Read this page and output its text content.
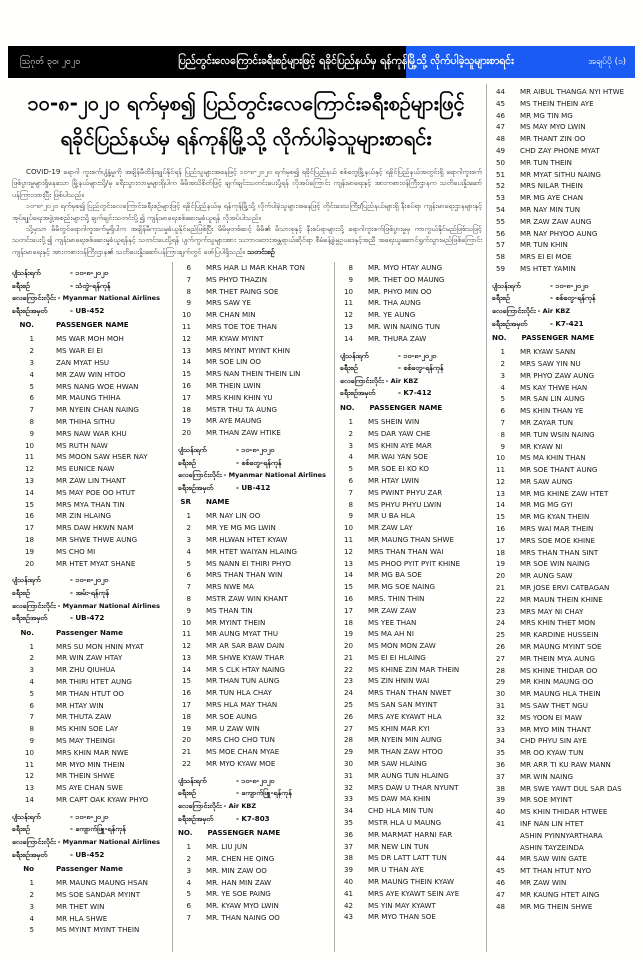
ဩဂုတ် ၃၀၊ ၂၀၂၀	ပြည်တွင်းလေကြောင်းခရီးစဉ်များဖြင့် ရခိုင်ပြည်နယ်မှ ရန်ကုန်မြို့သို့ လိုက်ပါခဲ့သူများစာရင်း	အချပ်ပို (၁)
၁၀-၈-၂၀၂၀ ရက်မှစ၍ ပြည်တွင်းလေကြောင်းခရီးစဉ်များဖြင့်
ရခိုင်ပြည်နယ်မှ ရန်ကုန်မြို့သို့ လိုက်ပါခဲ့သူများစာရင်း

COVID-19 ရောဂါ ကူးစက်ပျံ့နှံ့မှုကို အချိန်မီထိန်းချုပ်နိုင်ရန် ပြည်သူများအနေဖြင့် ၁၀-၈-၂၀၂၀ ရက်မှစ၍ ရခိုင်ပြည်နယ် စစ်တွေမြို့နယ်နှင့် ရခိုင်ပြည်နယ်အတွင်းရှိ ရောဂါကူးစက်ဖြစ်ပွားမှုများရှိနေသော မြို့နယ်များသို့/မှ ခရီးသွားလာမှုများရှိပါက မိမိအသိစိတ်ဖြင့် ချက်ချင်းသတင်းပေးပို့ရန် လိုအပ်ကြောင်း ကျန်းမာရေးနှင့် အားကစားဝန်ကြီးဌာနက သတိပေးနှိုးဆော်ပန်ကြားထားပြီး ဖြစ်ပါသည်။

၁၀-၈-၂၀၂၀ ရက်မှစ၍ ပြည်တွင်းလေကြောင်းခရီးစဉ်များဖြင့် ရခိုင်ပြည်နယ်မှ ရန်ကုန်မြို့သို့ လိုက်ပါခဲ့သူများအနေဖြင့် တိုင်းဒေသကြီး/ပြည်နယ်များရှိ နီးစပ်ရာ ကျန်းမာရေးဌာနများနှင့် အုပ်ချုပ်ရေးအဖွဲ့အစည်းများသို့ ချက်ချင်းသတင်းပို့၍ ကျန်းမာရေးစစ်ဆေးမှုခံယူရန် လိုအပ်ပါသည်။

သို့မှသာ မိမိတွင်ရောဂါကူးစက်မှုရှိပါက အချိန်မီကုသမှုခံယူနိုင်မည်ဖြစ်ပြီး မိမိမှတစ်ဆင့် မိမိ၏ မိသားစုနှင့် နီးစပ်ရာများသို့ ရောဂါကူးစက်ဖြစ်ပွားမှုမှ ကာကွယ်နိုင်မည်ဖြစ်သဖြင့် သတင်းပေးပို့၍ ကျန်းမာရေးစစ်ဆေးမှုခံယူရန်နှင့် သတင်းပေးပို့ရန် ပျက်ကွက်သူများအား သဘာဝဘေးအန္တရာယ်ဆိုင်ရာ စီမံခန့်ခွဲမှုဥပဒေနှင့်အညီ အရေးယူဆောင်ရွက်သွားမည်ဖြစ်ကြောင်း ကျန်းမာရေးနှင့် အားကစားဝန်ကြီးဌာန၏ သတိပေးနှိုးဆော်ပန်ကြားချက်တွင် ဖော်ပြပါရှိသည်။ သတင်းစဉ်

ပျံသန်းရက်	- ၁၀-၈-၂၀၂၀
ခရီးစဉ်	- သံတွဲ-ရန်ကုန်
လေကြောင်းလိုင်း - Myanmar National Airlines
ခရီးစဉ်အမှတ်	- UB-452
NO.	PASSENGER NAME
1	MS WAR MOH MOH
2	MS WAR EI EI
3	ZAN MYAT HSU
4	MR ZAW WIN HTOO
5	MRS NANG WOE HWAN
6	MR MAUNG THIHA
7	MR NYEIN CHAN NAING
8	MR THIHA SITHU
9	MRS NAW WAR KHU
10	MS RUTH NAW
11	MS MOON SAW HSER NAY
12	MS EUNICE NAW
13	MR ZAW LIN THANT
14	MS MAY POE OO HTUT
15	MRS MYA THAN TIN
16	MR ZIN HLAING
17	MRS DAW HKWN NAM
18	MR SHWE THWE AUNG
19	MS CHO MI
20	MR HTET MYAT SHANE
ပျံသန်းရက်	- ၁၀-၈-၂၀၂၀
ခရီးစဉ်	- အမ်း-ရန်ကုန်
လေကြောင်းလိုင်း - Myanmar National Airlines
ခရီးစဉ်အမှတ်	- UB-472
No.	Passenger Name
1	MRS SU MON HNIN MYAT
2	MR WIN ZAW HTAY
3	MR ZHU QIUHUA
4	MR THIRI HTET AUNG
5	MR THAN HTUT OO
6	MR HTAY WIN
7	MR THUTA ZAW
8	MS KHIN SOE LAY
9	MS MAY THEINGI
10	MRS KHIN MAR NWE
11	MR MYO MIN THEIN
12	MR THEIN SHWE
13	MS AYE CHAN SWE
14	MR CAPT OAK KYAW PHYO
ပျံသန်းရက်	- ၁၀-၈-၂၀၂၀
ခရီးစဉ်	- ကျောက်ဖြူ-ရန်ကုန်
လေကြောင်းလိုင်း - Myanmar National Airlines
ခရီးစဉ်အမှတ်	- UB-452
No	Passenger Name
1	MR MAUNG MAUNG HSAN
2	MS SOE SANDAR MYINT
3	MR THET WIN
4	MR HLA SHWE
5	MS MYINT MYINT THEIN
6 MRS HAR LI MAR KHAR TON
7 MS PHYO THAZIN
8 MR THET PAING SOE
9 MRS SAW YE
10 MR CHAN MIN
11 MRS TOE TOE THAN
12 MR KYAW MYINT
13 MRS MYINT MYINT KHIN
14 MR SOE LIN OO
15 MRS NAN THEIN THEIN LIN
16 MR THEIN LWIN
17 MRS KHIN KHIN YU
18 MSTR THU TA AUNG
19 MR AYE MAUNG
20 MR THAN ZAW HTIKE
ပျံသန်းရက်	- ၁၀-၈-၂၀၂၀
ခရီးစဉ်	- စစ်တွေ-ရန်ကုန်
လေကြောင်းလိုင်း - Myanmar National Airlines
ခရီးစဉ်အမှတ်	- UB-412
SR NAME
1 MR NAY LIN OO
2 MR YE MG MG LWIN
3 MR HLWAN HTET KYAW
4 MR HTET WAIYAN HLAING
5 MS NANN EI THIRI PHYO
6 MRS THAN THAN WIN
7 MRS NWE MA
8 MSTR ZAW WIN KHANT
9 MS THAN TIN
10 MR MYINT THEIN
11 MR AUNG MYAT THU
12 MR AR SAR BAW DAIN
13 MR SHWE KYAW THAR
14 MR S CLK HTAY NAING
15 MR THAN TUN AUNG
16 MR TUN HLA CHAY
17 MRS HLA MAY THAN
18 MR SOE AUNG
19 MR U ZAW WIN
20 MRS CHO CHO TUN
21 MS MOE CHAN MYAE
22 MR MYO KYAW MOE
ပျံသန်းရက်	- ၁၀-၈-၂၀၂၀
ခရီးစဉ်	- ကျောက်ဖြူ-ရန်ကုန်
လေကြောင်းလိုင်း - Air KBZ
ခရီးစဉ်အမှတ်	- K7-803
NO. PASSENGER NAME
1 MR. LIU JUN
2 MR. CHEN HE QING
3 MR. MIN ZAW OO
4 MR. HAN MIN ZAW
5 MR. YE SOE PAING
6 MR. KYAW MYO LWIN
7 MR. THAN NAING OO
8 MR. MYO HTAY AUNG
9 MR. THET OO MAUNG
10 MR. PHYO MIN OO
11 MR. THA AUNG
12 MR. YE AUNG
13 MR. WIN NAING TUN
14 MR. THURA ZAW
ပျံသန်းရက်	- ၁၀-၈-၂၀၂၀
ခရီးစဉ်	- စစ်တွေ-ရန်ကုန်
လေကြောင်းလိုင်း - Air KBZ
ခရီးစဉ်အမှတ်	- K7-412
NO. PASSENGER NAME
1 MS SHEIN WIN
2 MS DAR YAW CHE
3 MS KHIN AYE MAR
4 MR WAI YAN SOE
5 MR SOE EI KO KO
6 MR HTAY LWIN
7 MS PWINT PHYU ZAR
8 MS PHYU PHYU LWIN
9 MR U BA HLA
10 MR ZAW LAY
11 MR MAUNG THAN SHWE
12 MRS THAN THAN WAI
13 MS PHOO PYIT PYIT KHINE
14 MR MG BA SOE
15 MR MG SOE NAING
16 MRS. THIN THIN
17 MR ZAW ZAW
18 MS YEE THAN
19 MS MA AH NI
20 MS MON MON ZAW
21 MS EI EI HLAING
22 MS KHINE ZIN MAR THEIN
23 MS ZIN HNIN WAI
24 MRS THAN THAN NWET
25 MS SAN SAN MYINT
26 MRS AYE KYAWT HLA
27 MS KHIN MAR KYI
28 MR NYEIN MIN AUNG
29 MR THAN ZAW HTOO
30 MR SAW HLAING
31 MR AUNG TUN HLAING
32 MRS DAW U THAR NYUNT
33 MS DAW MA KHIN
34 CHD HLA MIN TUN
35 MSTR HLA U MAUNG
36 MR MARMAT HARNI FAR
37 MR NEW LIN TUN
38 MS DR LATT LATT TUN
39 MR U THAN AYE
40 MR MAUNG THEIN KYAW
41 MRS AYE KYAWT SEIN AYE
42 MS YIN MAY KYAWT
43 MR MYO THAN SOE
44 MR AIBUL THANGA NYI HTWE
45 MS THEIN THEIN AYE
46 MR MG TIN MG
47 MS MAY MYO LWIN
48 MR THANT ZIN OO
49 CHD ZAY PHONE MYAT
50 MR TUN THEIN
51 MR MYAT SITHU NAING
52 MRS NILAR THEIN
53 MR MG AYE CHAN
54 MR NAY MIN TUN
55 MR ZAW ZAW AUNG
56 MR NAY PHYOO AUNG
57 MR TUN KHIN
58 MRS EI EI MOE
59 MS HTET YAMIN
ပျံသန်းရက်	- ၁၀-၈-၂၀၂၀
ခရီးစဉ်	- စစ်တွေ-ရန်ကုန်
လေကြောင်းလိုင်း - Air KBZ
ခရီးစဉ်အမှတ်	- K7-421
NO. PASSENGER NAME
1 MR KYAW SANN
2 MRS SAW YIN NU
3 MR PHYO ZAW AUNG
4 MS KAY THWE HAN
5 MR SAN LIN AUNG
6 MS KHIN THAN YE
7 MR ZAYAR TUN
8 MR TUN WSIN NAING
9 MR KYAW NI
10 MS MA KHIN THAN
11 MR SOE THANT AUNG
12 MR SAW AUNG
13 MR MG KHINE ZAW HTET
14 MR MG MG GYI
15 MR MG KYAN THEIN
16 MRS WAI MAR THEIN
17 MRS SOE MOE KHINE
18 MRS THAN THAN SINT
19 MR SOE WIN NAING
20 MR AUNG SAW
21 MR JOSE ERVI CATBAGAN
22 MR MAUN THEIN KHINE
23 MRS MAY NI CHAY
24 MRS KHIN THET MON
25 MR KARDINE HUSSEIN
26 MR MAUNG MYINT SOE
27 MR THEIN MYA AUNG
28 MS KHINE THIDAR OO
29 MR KHIN MAUNG OO
30 MR MAUNG HLA THEIN
31 MS SAW THET NGU
32 MS YOON EI MAW
33 MR MYO MIN THANT
34 CHD PHYU SIN AYE
35 MR OO KYAW TUN
36 MR ARR TI KU RAW MANN
37 MR WIN NAING
38 MR SWE YAWT DUL SAR DAS
39 MR SOE MYINT
40 MS KHIN THIDAR HTWEE
41 INF NAN LIN HTET
ASHIN PYINNYARTHARA
ASHIN TAYZEINDA
44 MR SAW WIN GATE
45 MT THAN HTUT NYO
46 MR ZAW WIN
47 MR KAUNG HTET AING
48 MR MG THEIN SHWE
